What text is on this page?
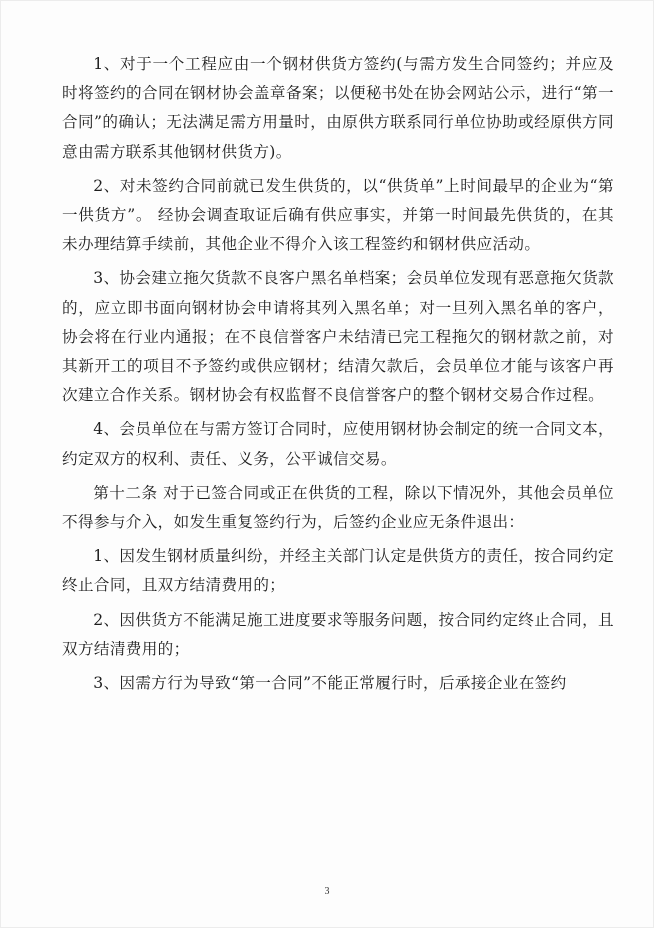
1、对于一个工程应由一个钢材供货方签约(与需方发生合同签约；并应及时将签约的合同在钢材协会盖章备案；以便秘书处在协会网站公示，进行“第一合同”的确认；无法满足需方用量时，由原供方联系同行单位协助或经原供方同意由需方联系其他钢材供货方)。

2、对未签约合同前就已发生供货的，以“供货单”上时间最早的企业为“第一供货方”。 经协会调查取证后确有供应事实，并第一时间最先供货的，在其未办理结算手续前，其他企业不得介入该工程签约和钢材供应活动。

3、协会建立拖欠货款不良客户黑名单档案；会员单位发现有恶意拖欠货款的，应立即书面向钢材协会申请将其列入黑名单；对一旦列入黑名单的客户，协会将在行业内通报；在不良信誉客户未结清已完工程拖欠的钢材款之前，对其新开工的项目不予签约或供应钢材；结清欠款后，会员单位才能与该客户再次建立合作关系。钢材协会有权监督不良信誉客户的整个钢材交易合作过程。

4、会员单位在与需方签订合同时，应使用钢材协会制定的统一合同文本，约定双方的权利、责任、义务，公平诚信交易。

第十二条 对于已签合同或正在供货的工程，除以下情况外，其他会员单位不得参与介入，如发生重复签约行为，后签约企业应无条件退出：

1、因发生钢材质量纠纷，并经主关部门认定是供货方的责任，按合同约定终止合同，且双方结清费用的；

2、因供货方不能满足施工进度要求等服务问题，按合同约定终止合同，且双方结清费用的；

3、因需方行为导致“第一合同”不能正常履行时，后承接企业在签约

3
